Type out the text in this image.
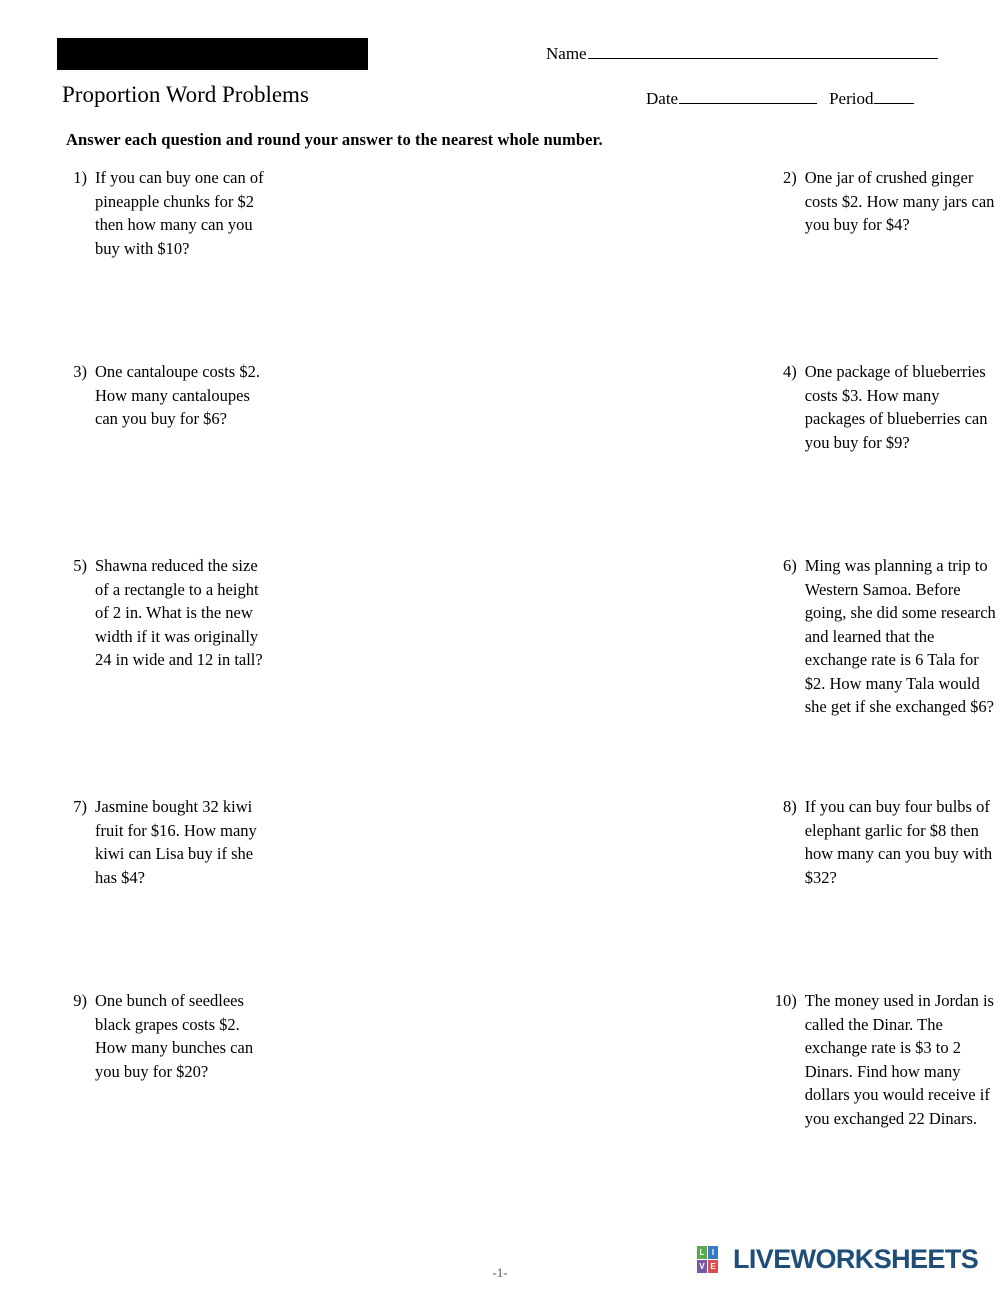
Proportion Word Problems
Name
Date	Period
Answer each question and round your answer to the nearest whole number.
1) If you can buy one can of pineapple chunks for $2 then how many can you buy with $10?
2) One jar of crushed ginger costs $2. How many jars can you buy for $4?
3) One cantaloupe costs $2. How many cantaloupes can you buy for $6?
4) One package of blueberries costs $3. How many packages of blueberries can you buy for $9?
5) Shawna reduced the size of a rectangle to a height of 2 in. What is the new width if it was originally 24 in wide and 12 in tall?
6) Ming was planning a trip to Western Samoa. Before going, she did some research and learned that the exchange rate is 6 Tala for $2. How many Tala would she get if she exchanged $6?
7) Jasmine bought 32 kiwi fruit for $16. How many kiwi can Lisa buy if she has $4?
8) If you can buy four bulbs of elephant garlic for $8 then how many can you buy with $32?
9) One bunch of seedlees black grapes costs $2. How many bunches can you buy for $20?
10) The money used in Jordan is called the Dinar. The exchange rate is $3 to 2 Dinars. Find how many dollars you would receive if you exchanged 22 Dinars.
-1-
L I
V E LIVEWORKSHEETS
